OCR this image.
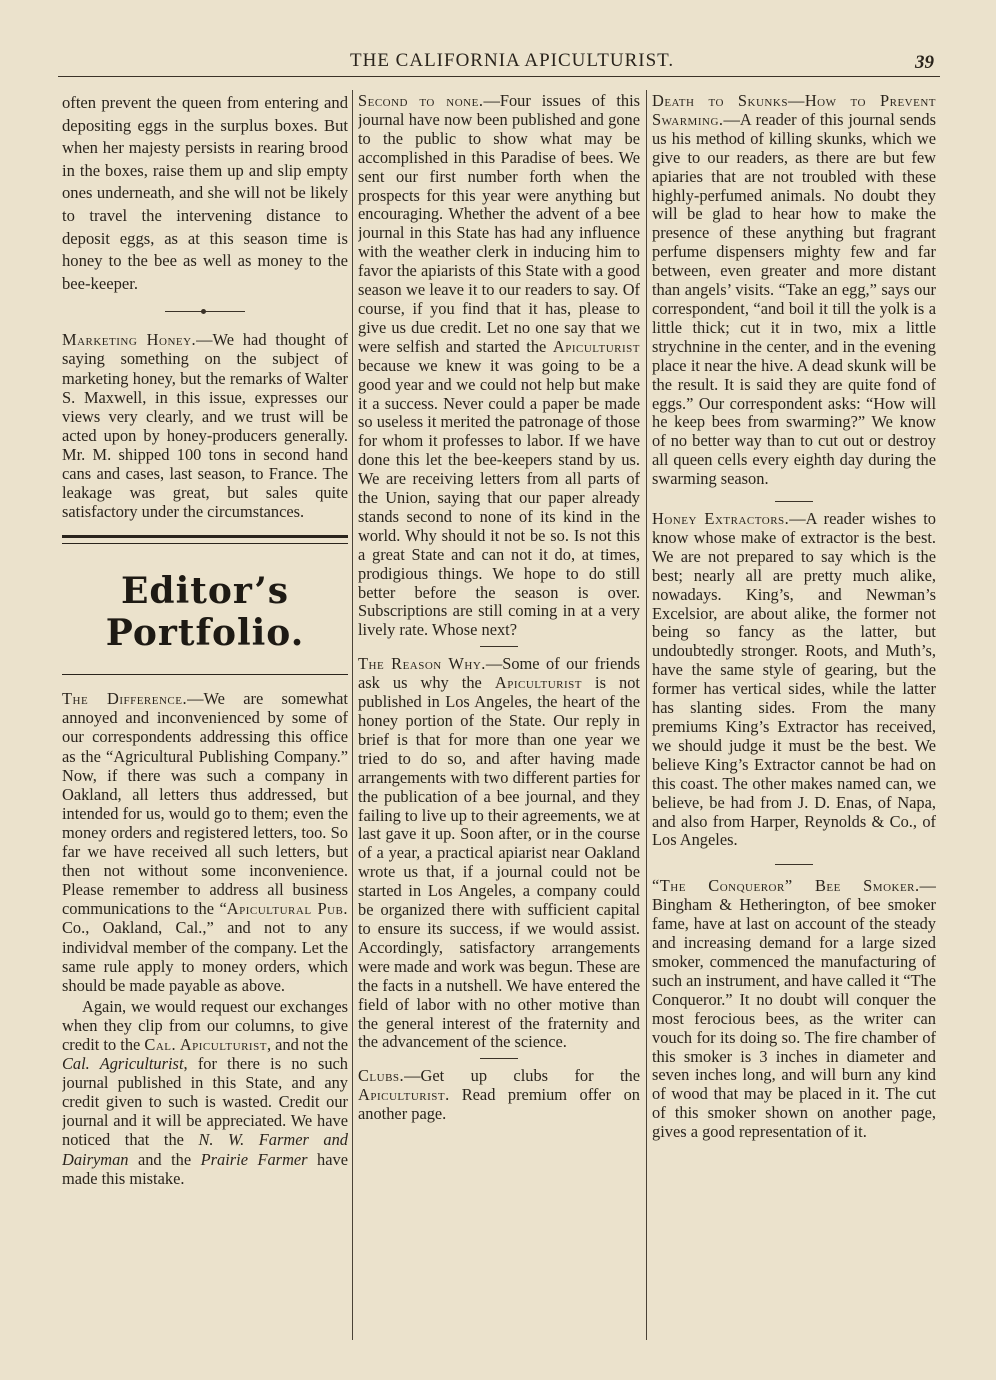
THE CALIFORNIA APICULTURIST.	39

often prevent the queen from entering and depositing eggs in the surplus boxes. But when her majesty persists in rearing brood in the boxes, raise them up and slip empty ones underneath, and she will not be likely to travel the intervening distance to deposit eggs, as at this season time is honey to the bee as well as money to the bee-keeper.

Marketing Honey.—We had thought of saying something on the subject of marketing honey, but the remarks of Walter S. Maxwell, in this issue, expresses our views very clearly, and we trust will be acted upon by honey-producers generally. Mr. M. shipped 100 tons in second hand cans and cases, last season, to France. The leakage was great, but sales quite satisfactory under the circumstances.

Editor’s Portfolio.

The Difference.—We are somewhat annoyed and inconvenienced by some of our correspondents addressing this office as the “Agricultural Publishing Company.” Now, if there was such a company in Oakland, all letters thus addressed, but intended for us, would go to them; even the money orders and registered letters, too. So far we have received all such letters, but then not without some inconvenience. Please remember to address all business communications to the “Apicultural Pub. Co., Oakland, Cal.,” and not to any individval member of the company. Let the same rule apply to money orders, which should be made payable as above.

Again, we would request our exchanges when they clip from our columns, to give credit to the Cal. Apiculturist, and not the Cal. Agriculturist, for there is no such journal published in this State, and any credit given to such is wasted. Credit our journal and it will be appreciated. We have noticed that the N. W. Farmer and Dairyman and the Prairie Farmer have made this mistake.

Second to none.—Four issues of this journal have now been published and gone to the public to show what may be accomplished in this Paradise of bees. We sent our first number forth when the prospects for this year were anything but encouraging. Whether the advent of a bee journal in this State has had any influence with the weather clerk in inducing him to favor the apiarists of this State with a good season we leave it to our readers to say. Of course, if you find that it has, please to give us due credit. Let no one say that we were selfish and started the Apiculturist because we knew it was going to be a good year and we could not help but make it a success. Never could a paper be made so useless it merited the patronage of those for whom it professes to labor. If we have done this let the bee-keepers stand by us. We are receiving letters from all parts of the Union, saying that our paper already stands second to none of its kind in the world. Why should it not be so. Is not this a great State and can not it do, at times, prodigious things. We hope to do still better before the season is over. Subscriptions are still coming in at a very lively rate. Whose next?

The Reason Why.—Some of our friends ask us why the Apiculturist is not published in Los Angeles, the heart of the honey portion of the State. Our reply in brief is that for more than one year we tried to do so, and after having made arrangements with two different parties for the publication of a bee journal, and they failing to live up to their agreements, we at last gave it up. Soon after, or in the course of a year, a practical apiarist near Oakland wrote us that, if a journal could not be started in Los Angeles, a company could be organized there with sufficient capital to ensure its success, if we would assist. Accordingly, satisfactory arrangements were made and work was begun. These are the facts in a nutshell. We have entered the field of labor with no other motive than the general interest of the fraternity and the advancement of the science.

Clubs.—Get up clubs for the Apiculturist. Read premium offer on another page.

Death to Skunks—How to Prevent Swarming.—A reader of this journal sends us his method of killing skunks, which we give to our readers, as there are but few apiaries that are not troubled with these highly-perfumed animals. No doubt they will be glad to hear how to make the presence of these anything but fragrant perfume dispensers mighty few and far between, even greater and more distant than angels’ visits. “Take an egg,” says our correspondent, “and boil it till the yolk is a little thick; cut it in two, mix a little strychnine in the center, and in the evening place it near the hive. A dead skunk will be the result. It is said they are quite fond of eggs.” Our correspondent asks: “How will he keep bees from swarming?” We know of no better way than to cut out or destroy all queen cells every eighth day during the swarming season.

Honey Extractors.—A reader wishes to know whose make of extractor is the best. We are not prepared to say which is the best; nearly all are pretty much alike, nowadays. King’s, and Newman’s Excelsior, are about alike, the former not being so fancy as the latter, but undoubtedly stronger. Roots, and Muth’s, have the same style of gearing, but the former has vertical sides, while the latter has slanting sides. From the many premiums King’s Extractor has received, we should judge it must be the best. We believe King’s Extractor cannot be had on this coast. The other makes named can, we believe, be had from J. D. Enas, of Napa, and also from Harper, Reynolds & Co., of Los Angeles.

“The Conqueror” Bee Smoker.—Bingham & Hetherington, of bee smoker fame, have at last on account of the steady and increasing demand for a large sized smoker, commenced the manufacturing of such an instrument, and have called it “The Conqueror.” It no doubt will conquer the most ferocious bees, as the writer can vouch for its doing so. The fire chamber of this smoker is 3 inches in diameter and seven inches long, and will burn any kind of wood that may be placed in it. The cut of this smoker shown on another page, gives a good representation of it.
